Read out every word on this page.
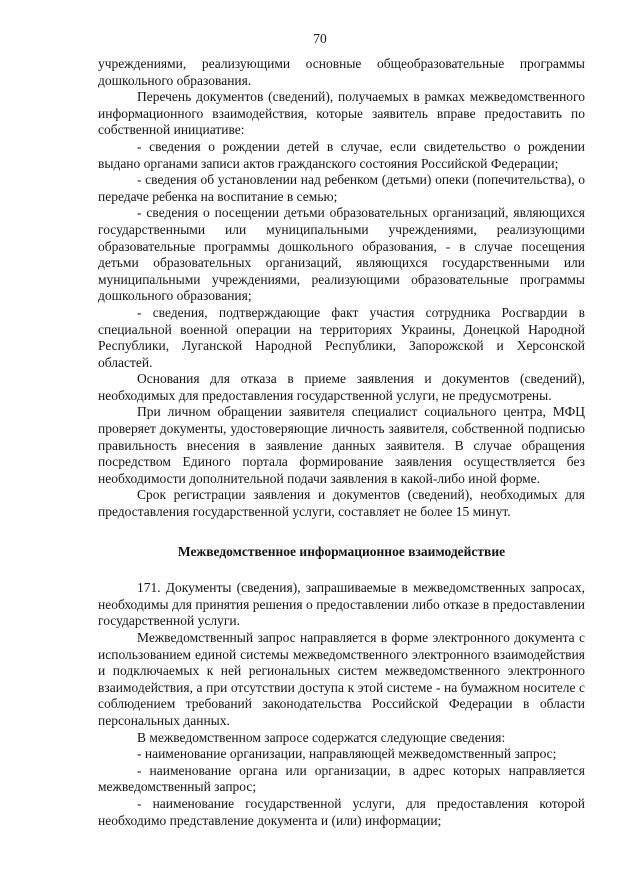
70

учреждениями, реализующими основные общеобразовательные программы дошкольного образования.

Перечень документов (сведений), получаемых в рамках межведомственного информационного взаимодействия, которые заявитель вправе предоставить по собственной инициативе:

- сведения о рождении детей в случае, если свидетельство о рождении выдано органами записи актов гражданского состояния Российской Федерации;

- сведения об установлении над ребенком (детьми) опеки (попечительства), о передаче ребенка на воспитание в семью;

- сведения о посещении детьми образовательных организаций, являющихся государственными или муниципальными учреждениями, реализующими образовательные программы дошкольного образования, - в случае посещения детьми образовательных организаций, являющихся государственными или муниципальными учреждениями, реализующими образовательные программы дошкольного образования;

- сведения, подтверждающие факт участия сотрудника Росгвардии в специальной военной операции на территориях Украины, Донецкой Народной Республики, Луганской Народной Республики, Запорожской и Херсонской областей.

Основания для отказа в приеме заявления и документов (сведений), необходимых для предоставления государственной услуги, не предусмотрены.

При личном обращении заявителя специалист социального центра, МФЦ проверяет документы, удостоверяющие личность заявителя, собственной подписью правильность внесения в заявление данных заявителя. В случае обращения посредством Единого портала формирование заявления осуществляется без необходимости дополнительной подачи заявления в какой-либо иной форме.

Срок регистрации заявления и документов (сведений), необходимых для предоставления государственной услуги, составляет не более 15 минут.

Межведомственное информационное взаимодействие

171. Документы (сведения), запрашиваемые в межведомственных запросах, необходимы для принятия решения о предоставлении либо отказе в предоставлении государственной услуги.

Межведомственный запрос направляется в форме электронного документа с использованием единой системы межведомственного электронного взаимодействия и подключаемых к ней региональных систем межведомственного электронного взаимодействия, а при отсутствии доступа к этой системе - на бумажном носителе с соблюдением требований законодательства Российской Федерации в области персональных данных.

В межведомственном запросе содержатся следующие сведения:

- наименование организации, направляющей межведомственный запрос;

- наименование органа или организации, в адрес которых направляется межведомственный запрос;

- наименование государственной услуги, для предоставления которой необходимо представление документа и (или) информации;
